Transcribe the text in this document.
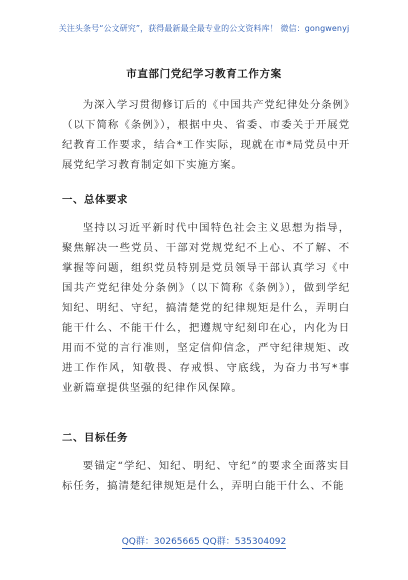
关注头条号“公文研究”，获得最新最全最专业的公文资料库！ 微信：gongwenyj
市直部门党纪学习教育工作方案

为深入学习贯彻修订后的《中国共产党纪律处分条例》（以下简称《条例》），根据中央、省委、市委关于开展党纪教育工作要求，结合*工作实际，现就在市*局党员中开展党纪学习教育制定如下实施方案。

一、总体要求

坚持以习近平新时代中国特色社会主义思想为指导，聚焦解决一些党员、干部对党规党纪不上心、不了解、不掌握等问题，组织党员特别是党员领导干部认真学习《中国共产党纪律处分条例》（以下简称《条例》），做到学纪知纪、明纪、守纪，搞清楚党的纪律规矩是什么，弄明白能干什么、不能干什么，把遵规守纪刻印在心，内化为日用而不觉的言行准则，坚定信仰信念，严守纪律规矩、改进工作作风，知敬畏、存戒惧、守底线，为奋力书写*事业新篇章提供坚强的纪律作风保障。

二、目标任务

要锚定“学纪、知纪、明纪、守纪”的要求全面落实目标任务，搞清楚纪律规矩是什么，弄明白能干什么、不能

QQ群：30265665 QQ群：535304092
